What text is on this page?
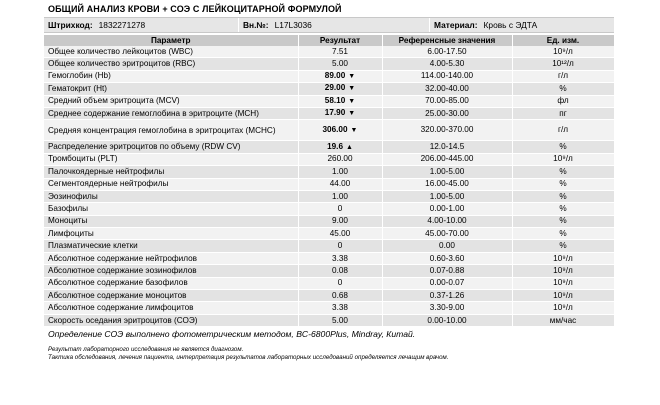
ОБЩИЙ АНАЛИЗ КРОВИ + СОЭ С ЛЕЙКОЦИТАРНОЙ ФОРМУЛОЙ
Штрихкод: 1832271278	Вн.№: L17L3036	Материал: Кровь с ЭДТА
Параметр	Результат	Референсные значения	Ед. изм.
Общее количество лейкоцитов (WBC)	7.51	6.00-17.50	10⁹/л
Общее количество эритроцитов (RBC)	5.00	4.00-5.30	10¹²/л
Гемоглобин (Hb)	89.00 ▼	114.00-140.00	г/л
Гематокрит (Ht)	29.00 ▼	32.00-40.00	%
Средний объем эритроцита (MCV)	58.10 ▼	70.00-85.00	фл
Среднее содержание гемоглобина в эритроците (MCH)	17.90 ▼	25.00-30.00	пг
Средняя концентрация гемоглобина в эритроцитах (MCHC)	306.00 ▼	320.00-370.00	г/л
Распределение эритроцитов по объему (RDW CV)	19.6 ▲	12.0-14.5	%
Тромбоциты (PLT)	260.00	206.00-445.00	10⁹/л
Палочкоядерные нейтрофилы	1.00	1.00-5.00	%
Сегментоядерные нейтрофилы	44.00	16.00-45.00	%
Эозинофилы	1.00	1.00-5.00	%
Базофилы	0	0.00-1.00	%
Моноциты	9.00	4.00-10.00	%
Лимфоциты	45.00	45.00-70.00	%
Плазматические клетки	0	0.00	%
Абсолютное содержание нейтрофилов	3.38	0.60-3.60	10⁹/л
Абсолютное содержание эозинофилов	0.08	0.07-0.88	10⁹/л
Абсолютное содержание базофилов	0	0.00-0.07	10⁹/л
Абсолютное содержание моноцитов	0.68	0.37-1.26	10⁹/л
Абсолютное содержание лимфоцитов	3.38	3.30-9.00	10⁹/л
Скорость оседания эритроцитов (СОЭ)	5.00	0.00-10.00	мм/час
Определение СОЭ выполнено фотометрическим методом, BC-6800Plus, Mindray, Китай.
Результат лабораторного исследования не является диагнозом.
Тактика обследования, лечения пациента, интерпретация результатов лабораторных исследований определяется лечащим врачом.
